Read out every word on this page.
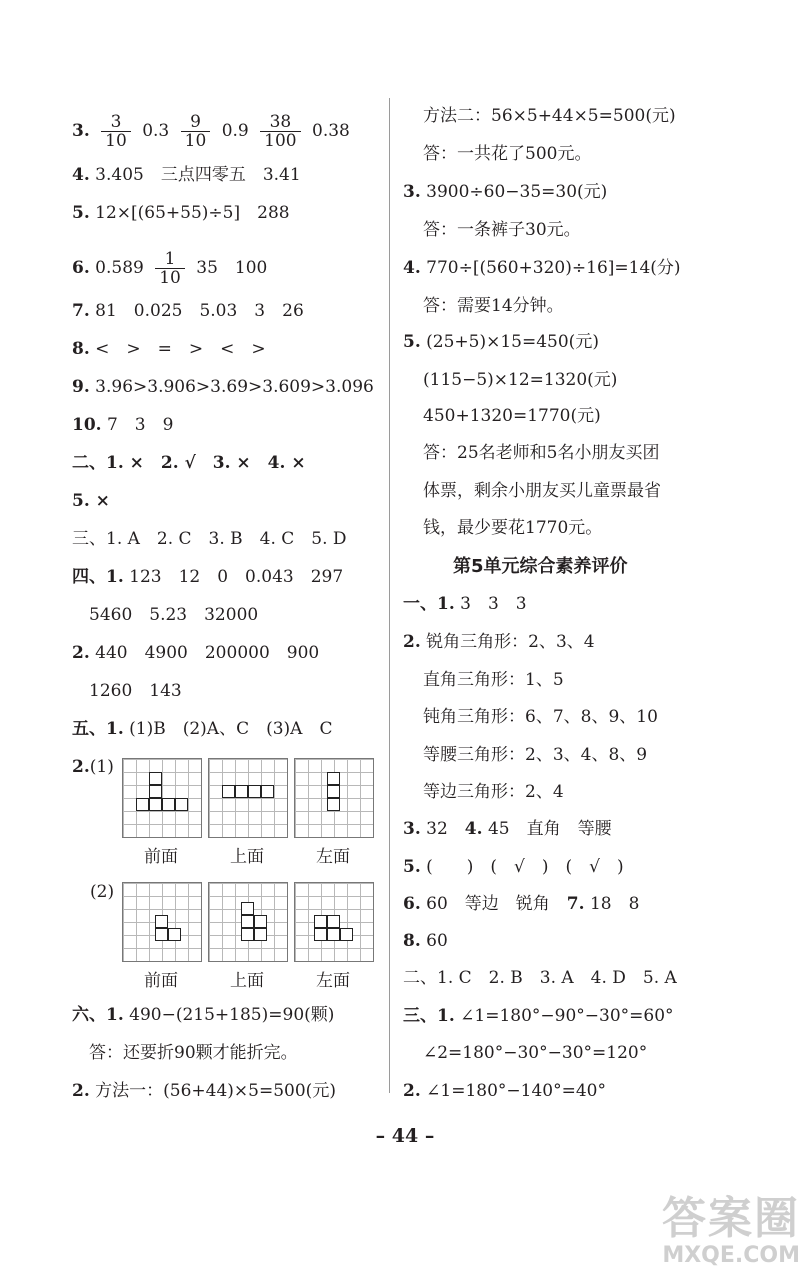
3. $\frac{3}{10} 0.3 \frac{9}{10} 0.9 \frac{38}{100} 0.38$
4. 3.405　三点四零五　3.41
5. 12×[(65+55)÷5]　288
6. $0.589 \frac{1}{10} 35$　100
7. 81　0.025　5.03　3　26
8. <　>　=　>　<　>
9. 3.96>3.906>3.69>3.609>3.096
10. 7　3　9
二、1. ×　2. √　3. ×　4. ×
5. ×
三、1. A　2. C　3. B　4. C　5. D
四、1. 123　12　0　0.043　297
5460　5.23　32000
2. 440　4900　200000　900
1260　143
五、1. (1)B　(2)A、C　(3)A　C
2.(1)
(2)
前面	上面	左面
前面	上面	左面
六、1. 490−(215+185)=90(颗)
答：还要折90颗才能折完。
2. 方法一：(56+44)×5=500(元)
方法二：56×5+44×5=500(元)
答：一共花了500元。
3. 3900÷60−35=30(元)
答：一条裤子30元。
4. 770÷[(560+320)÷16]=14(分)
答：需要14分钟。
5. (25+5)×15=450(元)
(115−5)×12=1320(元)
450+1320=1770(元)
答：25名老师和5名小朋友买团
体票，剩余小朋友买儿童票最省
钱，最少要花1770元。
第5单元综合素养评价
一、1. 3　3　3
2. 锐角三角形：2、3、4
直角三角形：1、5
钝角三角形：6、7、8、9、10
等腰三角形：2、3、4、8、9
等边三角形：2、4
3. 32　 4. 45　直角　等腰
5. (　　)　(　√　)　(　√　)
6. 60　等边　锐角　 7. 18　8
8. 60
二、1. C　2. B　3. A　4. D　5. A
三、1. ∠1=180°−90°−30°=60°
∠2=180°−30°−30°=120°
2. ∠1=180°−140°=40°
– 44 –
答案圈
MXQE.COM
